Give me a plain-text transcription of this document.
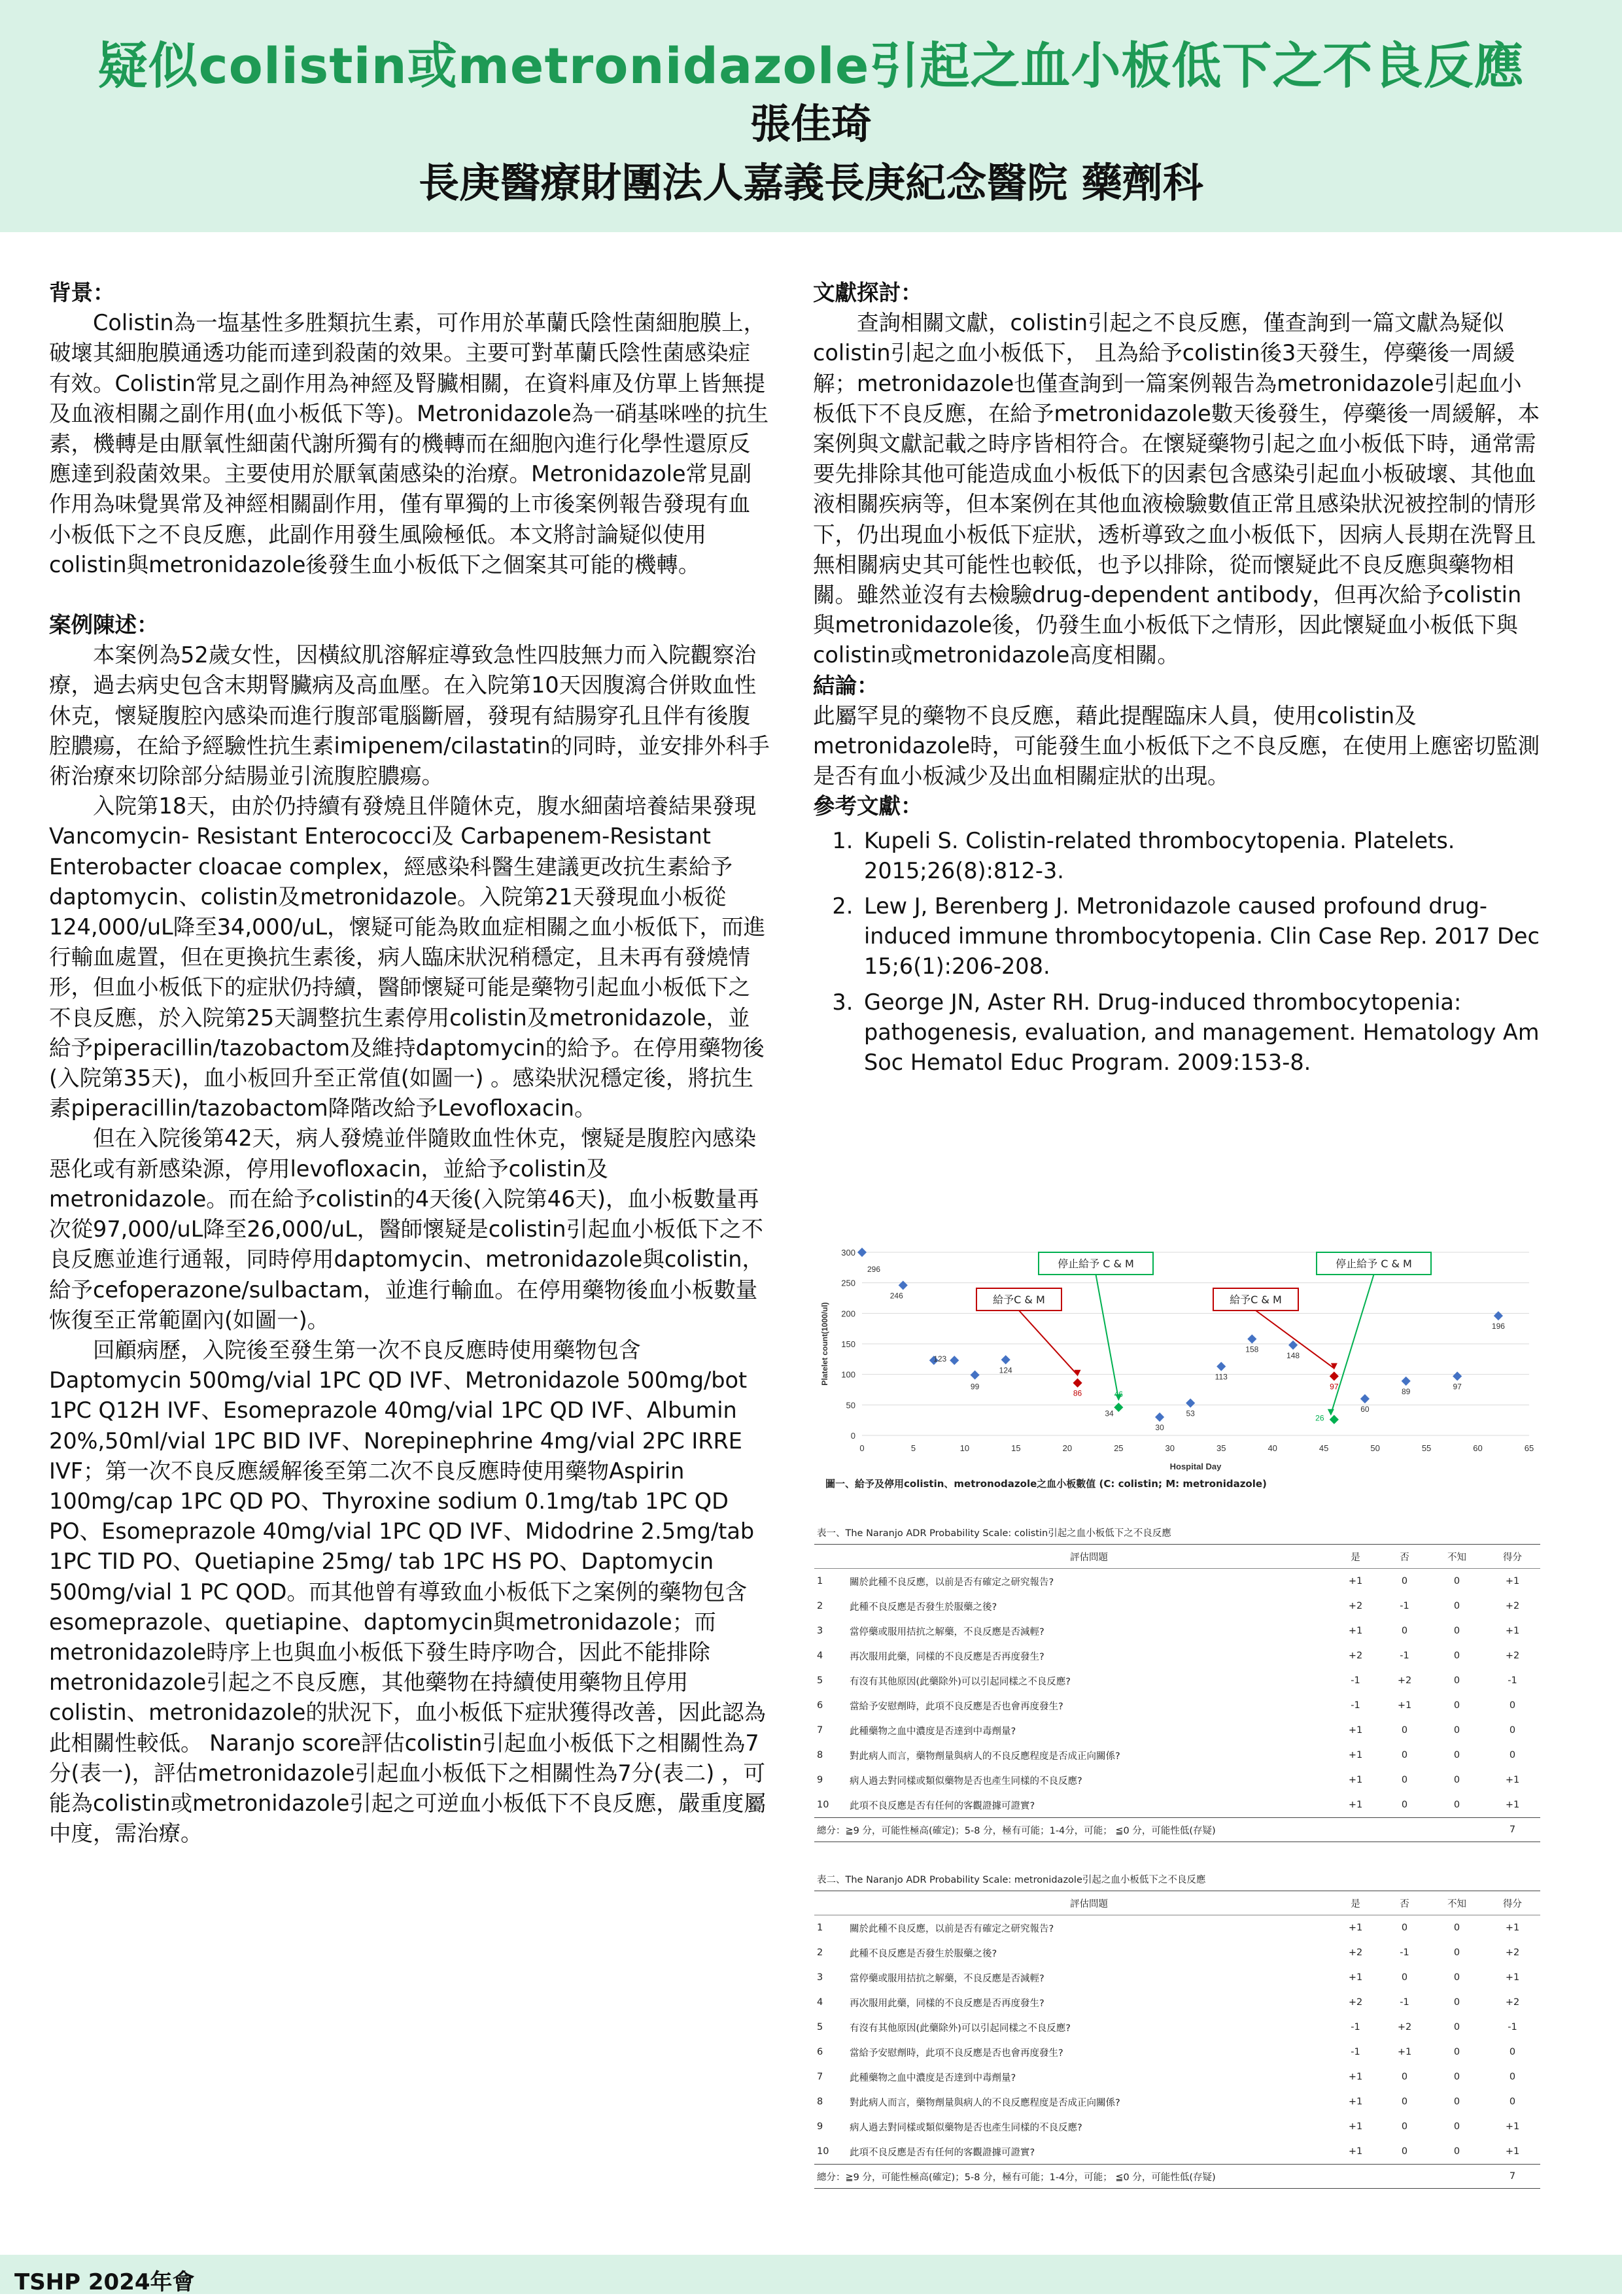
疑似colistin或metronidazole引起之血小板低下之不良反應
張佳琦
長庚醫療財團法人嘉義長庚紀念醫院 藥劑科

背景：

Colistin為一塩基性多胜類抗生素，可作用於革蘭氏陰性菌細胞膜上，破壞其細胞膜通透功能而達到殺菌的效果。主要可對革蘭氏陰性菌感染症有效。Colistin常見之副作用為神經及腎臟相關，在資料庫及仿單上皆無提及血液相關之副作用(血小板低下等)。Metronidazole為一硝基咪唑的抗生素，機轉是由厭氧性細菌代謝所獨有的機轉而在細胞內進行化學性還原反應達到殺菌效果。主要使用於厭氧菌感染的治療。Metronidazole常見副作用為味覺異常及神經相關副作用，僅有單獨的上市後案例報告發現有血小板低下之不良反應，此副作用發生風險極低。本文將討論疑似使用colistin與metronidazole後發生血小板低下之個案其可能的機轉。

案例陳述：

本案例為52歲女性，因橫紋肌溶解症導致急性四肢無力而入院觀察治療，過去病史包含末期腎臟病及高血壓。在入院第10天因腹瀉合併敗血性休克，懷疑腹腔內感染而進行腹部電腦斷層，發現有結腸穿孔且伴有後腹腔膿瘍，在給予經驗性抗生素imipenem/cilastatin的同時，並安排外科手術治療來切除部分結腸並引流腹腔膿瘍。

入院第18天，由於仍持續有發燒且伴隨休克，腹水細菌培養結果發現Vancomycin- Resistant Enterococci及 Carbapenem-Resistant Enterobacter cloacae complex，經感染科醫生建議更改抗生素給予daptomycin、colistin及metronidazole。入院第21天發現血小板從124,000/uL降至34,000/uL，懷疑可能為敗血症相關之血小板低下，而進行輸血處置，但在更換抗生素後，病人臨床狀況稍穩定，且未再有發燒情形，但血小板低下的症狀仍持續，醫師懷疑可能是藥物引起血小板低下之不良反應，於入院第25天調整抗生素停用colistin及metronidazole，並給予piperacillin/tazobactom及維持daptomycin的給予。在停用藥物後(入院第35天)，血小板回升至正常值(如圖一) 。感染狀況穩定後，將抗生素piperacillin/tazobactom降階改給予Levofloxacin。

但在入院後第42天，病人發燒並伴隨敗血性休克，懷疑是腹腔內感染惡化或有新感染源，停用levofloxacin，並給予colistin及metronidazole。而在給予colistin的4天後(入院第46天)，血小板數量再次從97,000/uL降至26,000/uL，醫師懷疑是colistin引起血小板低下之不良反應並進行通報，同時停用daptomycin、metronidazole與colistin，給予cefoperazone/sulbactam，並進行輸血。在停用藥物後血小板數量恢復至正常範圍內(如圖一)。

回顧病歷，入院後至發生第一次不良反應時使用藥物包含Daptomycin 500mg/vial 1PC QD IVF、Metronidazole 500mg/bot 1PC Q12H IVF、Esomeprazole 40mg/vial 1PC QD IVF、Albumin 20%,50ml/vial 1PC BID IVF、Norepinephrine 4mg/vial 2PC IRRE IVF；第一次不良反應緩解後至第二次不良反應時使用藥物Aspirin 100mg/cap 1PC QD PO、Thyroxine sodium 0.1mg/tab 1PC QD PO、Esomeprazole 40mg/vial 1PC QD IVF、Midodrine 2.5mg/tab 1PC TID PO、Quetiapine 25mg/ tab 1PC HS PO、Daptomycin 500mg/vial 1 PC QOD。而其他曾有導致血小板低下之案例的藥物包含esomeprazole、quetiapine、daptomycin與metronidazole；而metronidazole時序上也與血小板低下發生時序吻合，因此不能排除metronidazole引起之不良反應，其他藥物在持續使用藥物且停用colistin、metronidazole的狀況下，血小板低下症狀獲得改善，因此認為此相關性較低。 Naranjo score評估colistin引起血小板低下之相關性為7分(表一)，評估metronidazole引起血小板低下之相關性為7分(表二) ，可能為colistin或metronidazole引起之可逆血小板低下不良反應，嚴重度屬中度，需治療。

文獻探討：

查詢相關文獻，colistin引起之不良反應，僅查詢到一篇文獻為疑似colistin引起之血小板低下， 且為給予colistin後3天發生，停藥後一周緩解；metronidazole也僅查詢到一篇案例報告為metronidazole引起血小板低下不良反應，在給予metronidazole數天後發生，停藥後一周緩解，本案例與文獻記載之時序皆相符合。在懷疑藥物引起之血小板低下時，通常需要先排除其他可能造成血小板低下的因素包含感染引起血小板破壞、其他血液相關疾病等，但本案例在其他血液檢驗數值正常且感染狀況被控制的情形下，仍出現血小板低下症狀，透析導致之血小板低下，因病人長期在洗腎且無相關病史其可能性也較低，也予以排除，從而懷疑此不良反應與藥物相關。雖然並沒有去檢驗drug-dependent antibody，但再次給予colistin與metronidazole後，仍發生血小板低下之情形，因此懷疑血小板低下與colistin或metronidazole高度相關。

結論：

此屬罕見的藥物不良反應，藉此提醒臨床人員，使用colistin及metronidazole時，可能發生血小板低下之不良反應，在使用上應密切監測是否有血小板減少及出血相關症狀的出現。

參考文獻：

1. Kupeli S. Colistin-related thrombocytopenia. Platelets. 2015;26(8):812-3.
2. Lew J, Berenberg J. Metronidazole caused profound drug-induced immune thrombocytopenia. Clin Case Rep. 2017 Dec 15;6(1):206-208.
3. George JN, Aster RH. Drug-induced thrombocytopenia: pathogenesis, evaluation, and management. Hematology Am Soc Hematol Educ Program. 2009:153-8.
0
50
100
150
200
250
300
0	5	10	15	20	25	30	35	40	45	50	55	60	65
Hospital Day
Platelet count(1000/ul)
給予C & M
停止給予 C & M
給予C & M
停止給予 C & M
246
296
123
99
124
86	46
34
30
53
113
158
148
97
26
60
89
97
196
圖一、給予及停用colistin、metronodazole之血小板數值 (C: colistin; M: metronidazole)
表一、The Naranjo ADR Probability Scale: colistin引起之血小板低下之不良反應					
	評估問題	是	否	不知	得分
1	關於此種不良反應，以前是否有確定之研究報告?	+1	0	0	+1
2	此種不良反應是否發生於服藥之後?	+2	-1	0	+2
3	當停藥或服用拮抗之解藥，不良反應是否減輕?	+1	0	0	+1
4	再次服用此藥，同樣的不良反應是否再度發生?	+2	-1	0	+2
5	有沒有其他原因(此藥除外)可以引起同樣之不良反應?	-1	+2	0	-1
6	當給予安慰劑時，此項不良反應是否也會再度發生?	-1	+1	0	0
7	此種藥物之血中濃度是否達到中毒劑量?	+1	0	0	0
8	對此病人而言，藥物劑量與病人的不良反應程度是否成正向關係?	+1	0	0	0
9	病人過去對同樣或類似藥物是否也產生同樣的不良反應?	+1	0	0	+1
10	此項不良反應是否有任何的客觀證據可證實?	+1	0	0	+1
總分：≧9 分，可能性極高(確定)；5-8 分，極有可能；1-4分，可能； ≦0 分，可能性低(存疑)					7
表二、The Naranjo ADR Probability Scale: metronidazole引起之血小板低下之不良反應					
	評估問題	是	否	不知	得分
1	關於此種不良反應，以前是否有確定之研究報告?	+1	0	0	+1
2	此種不良反應是否發生於服藥之後?	+2	-1	0	+2
3	當停藥或服用拮抗之解藥，不良反應是否減輕?	+1	0	0	+1
4	再次服用此藥，同樣的不良反應是否再度發生?	+2	-1	0	+2
5	有沒有其他原因(此藥除外)可以引起同樣之不良反應?	-1	+2	0	-1
6	當給予安慰劑時，此項不良反應是否也會再度發生?	-1	+1	0	0
7	此種藥物之血中濃度是否達到中毒劑量?	+1	0	0	0
8	對此病人而言，藥物劑量與病人的不良反應程度是否成正向關係?	+1	0	0	0
9	病人過去對同樣或類似藥物是否也產生同樣的不良反應?	+1	0	0	+1
10	此項不良反應是否有任何的客觀證據可證實?	+1	0	0	+1
總分：≧9 分，可能性極高(確定)；5-8 分，極有可能；1-4分，可能； ≦0 分，可能性低(存疑)					7
TSHP 2024年會
